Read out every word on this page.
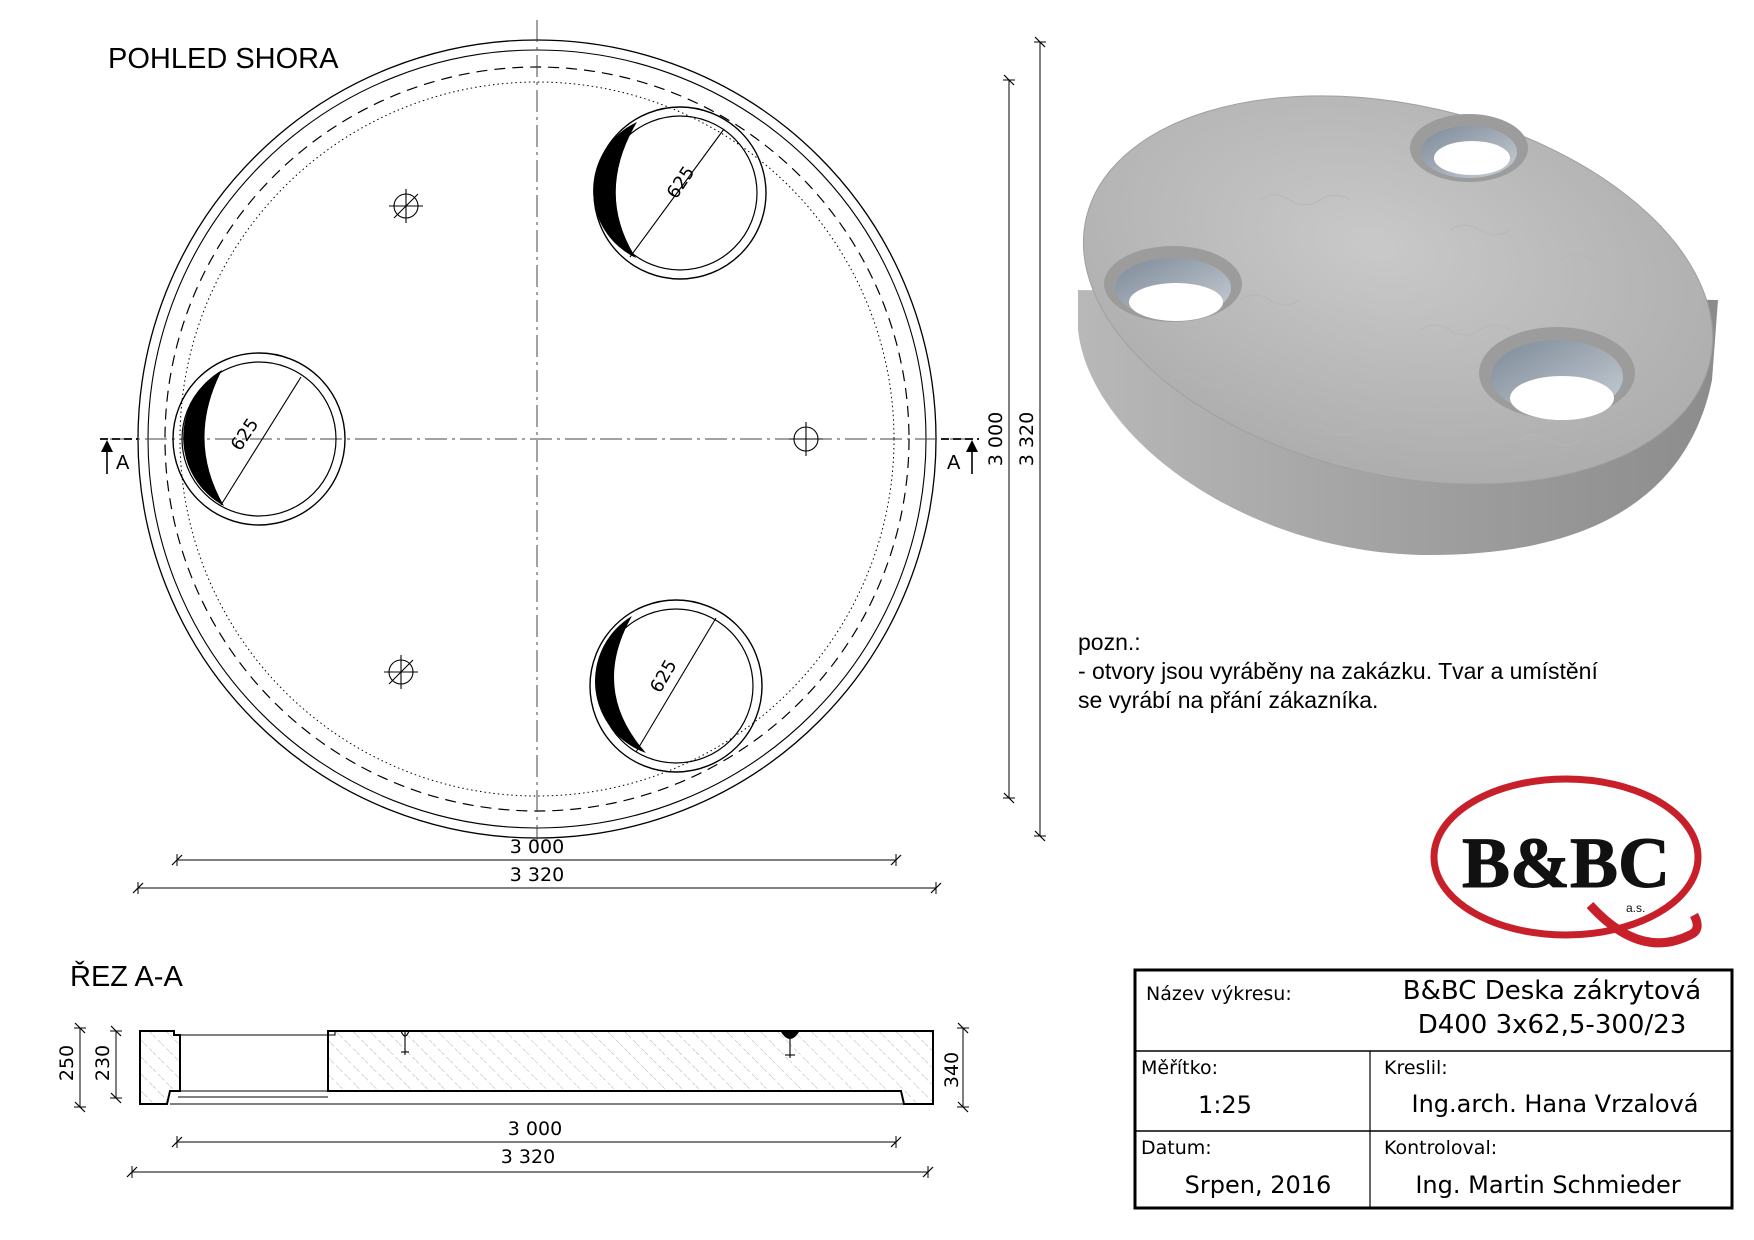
POHLED SHORA
625
625
625
A	A
3 000
3 320
3 000 3 320
ŘEZ A-A
250 230	340
3 000
3 320
B&BC
a.s.
Název výkresu:	B&BC Deska zákrytová
D400 3x62,5-300/23
Měřítko:
1:25
Kreslil:
Ing.arch. Hana Vrzalová
Datum:
Srpen, 2016
Kontroloval:
Ing. Martin Schmieder
pozn.:
- otvory jsou vyráběny na zakázku. Tvar a umístění
se vyrábí na přání zákazníka.
